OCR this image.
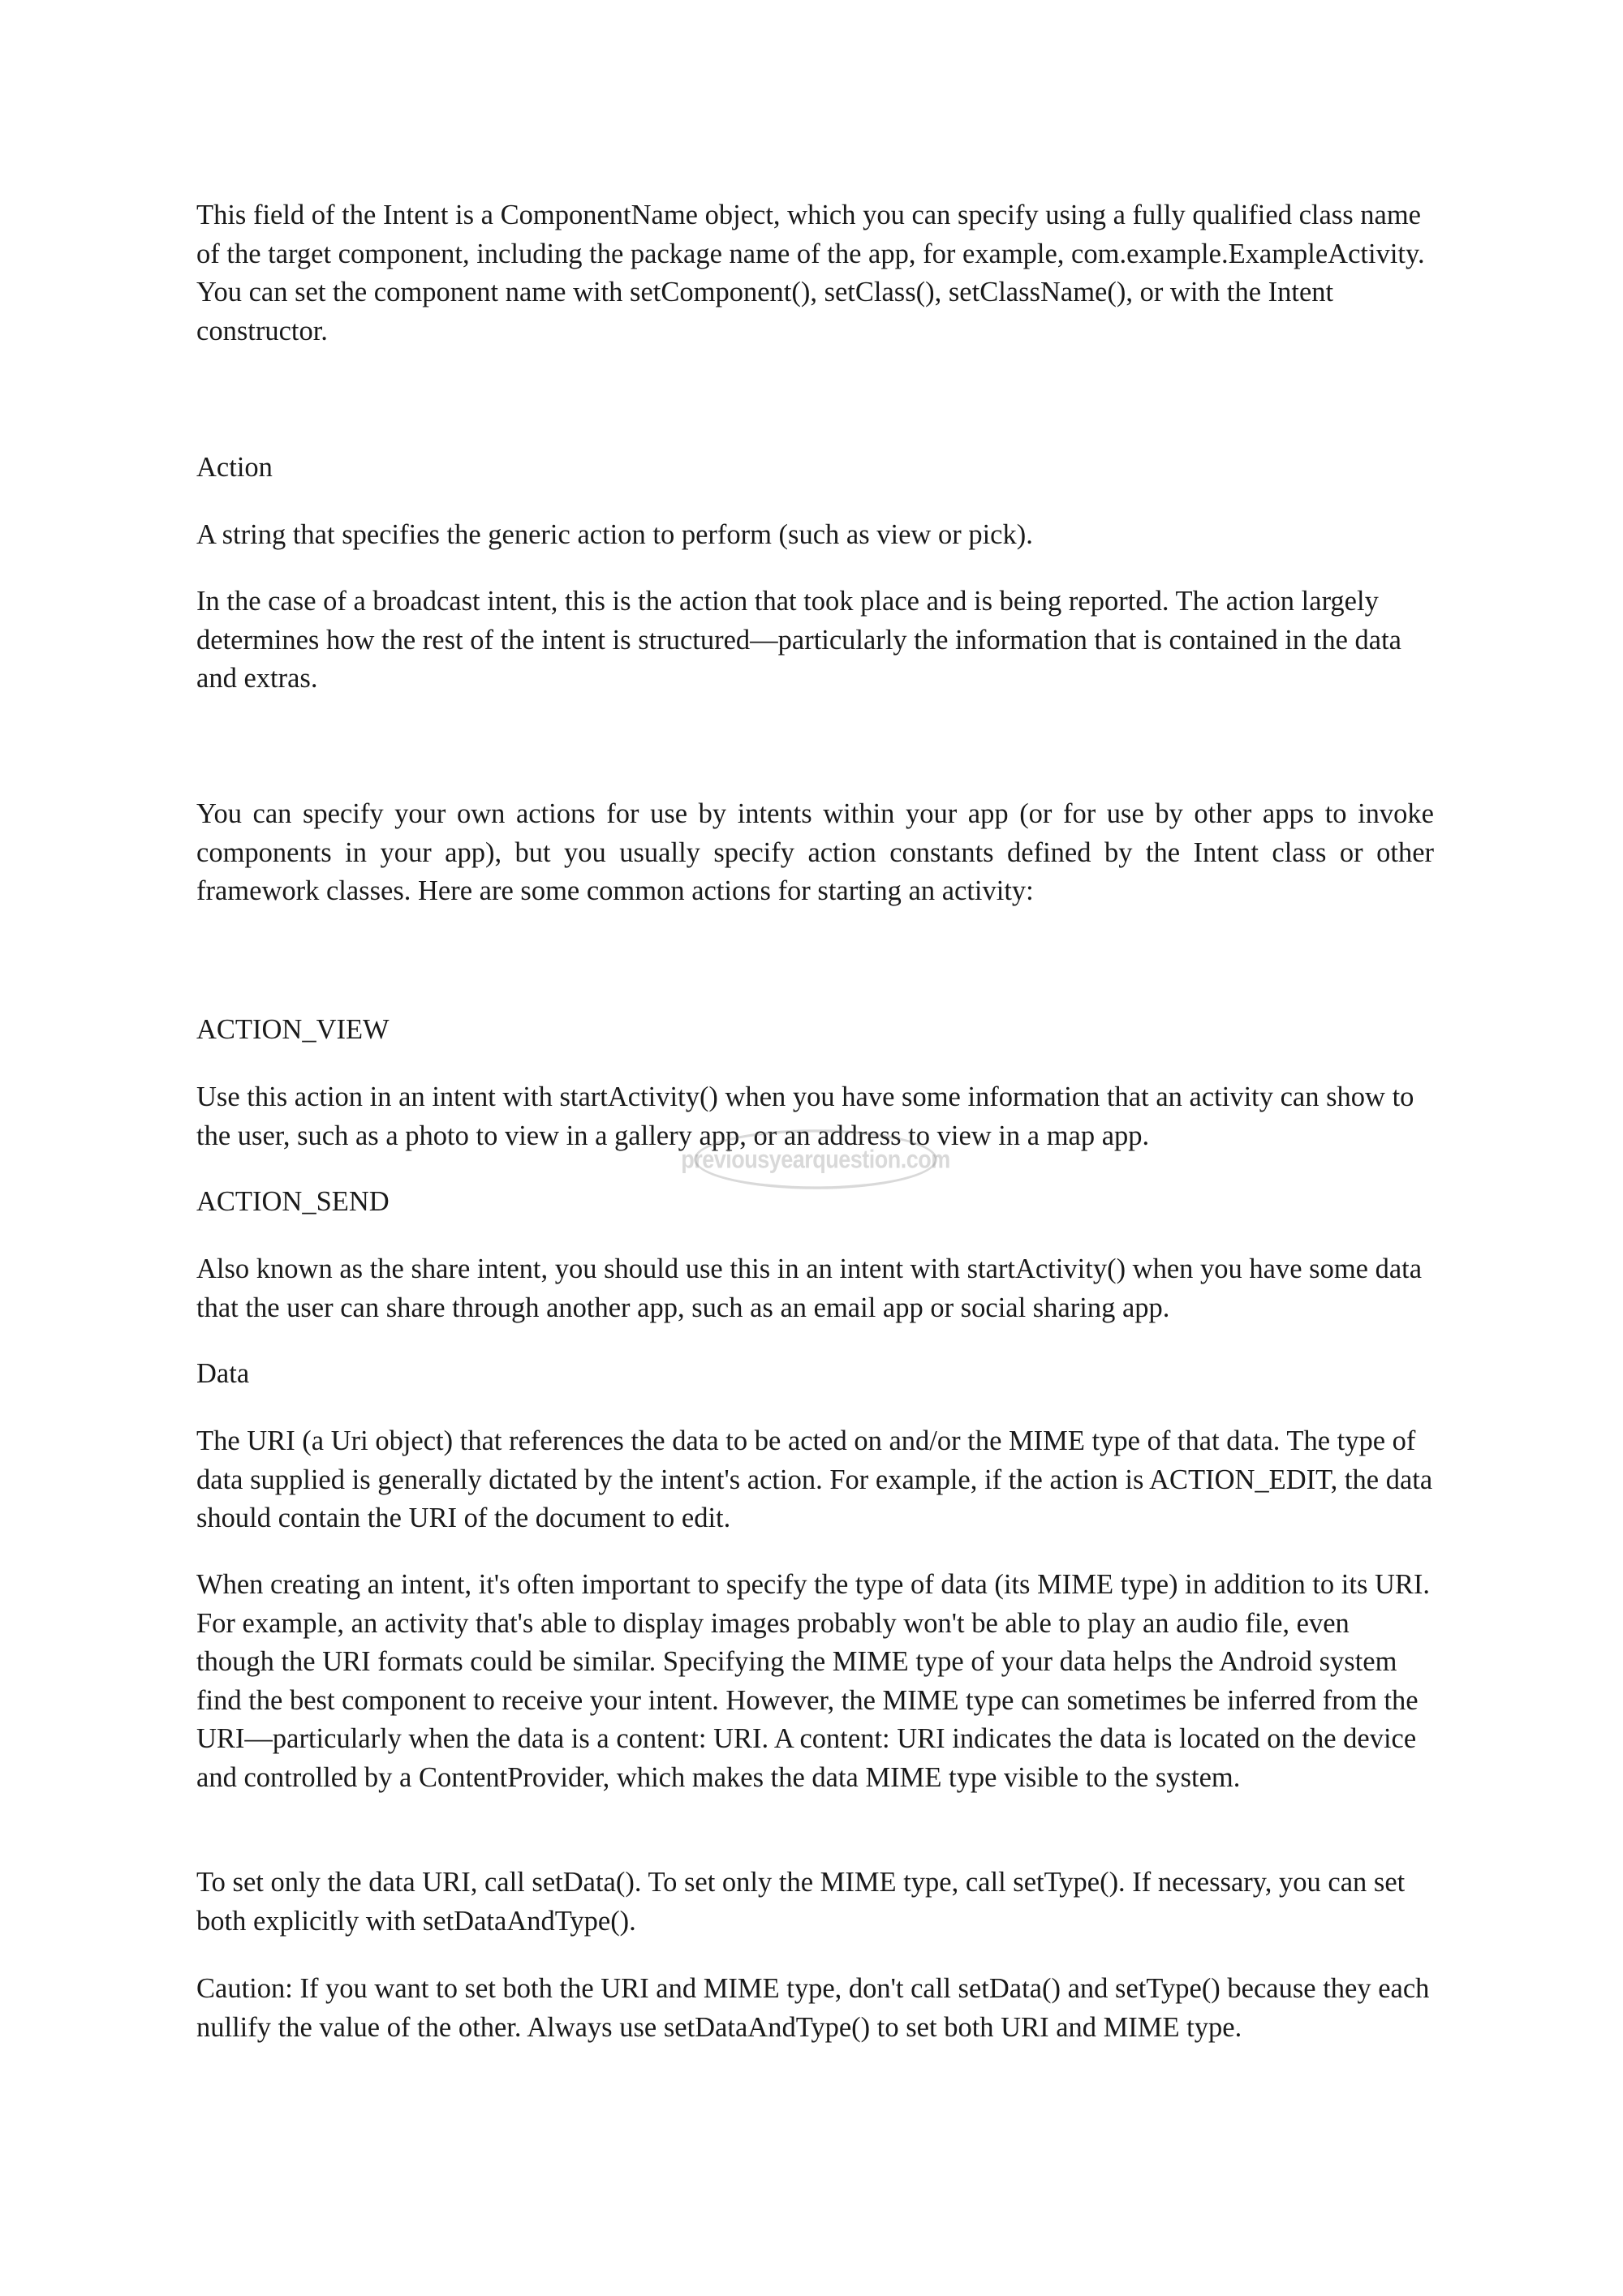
This field of the Intent is a ComponentName object, which you can specify using a fully qualified class name of the target component, including the package name of the app, for example, com.example.ExampleActivity. You can set the component name with setComponent(), setClass(), setClassName(), or with the Intent constructor.

Action

A string that specifies the generic action to perform (such as view or pick).

In the case of a broadcast intent, this is the action that took place and is being reported. The action largely determines how the rest of the intent is structured—particularly the information that is contained in the data and extras.

You can specify your own actions for use by intents within your app (or for use by other apps to invoke components in your app), but you usually specify action constants defined by the Intent class or other framework classes. Here are some common actions for starting an activity:

ACTION_VIEW

Use this action in an intent with startActivity() when you have some information that an activity can show to the user, such as a photo to view in a gallery app, or an address to view in a map app.

ACTION_SEND

Also known as the share intent, you should use this in an intent with startActivity() when you have some data that the user can share through another app, such as an email app or social sharing app.

Data

The URI (a Uri object) that references the data to be acted on and/or the MIME type of that data. The type of data supplied is generally dictated by the intent's action. For example, if the action is ACTION_EDIT, the data should contain the URI of the document to edit.

When creating an intent, it's often important to specify the type of data (its MIME type) in addition to its URI. For example, an activity that's able to display images probably won't be able to play an audio file, even though the URI formats could be similar. Specifying the MIME type of your data helps the Android system find the best component to receive your intent. However, the MIME type can sometimes be inferred from the URI—particularly when the data is a content: URI. A content: URI indicates the data is located on the device and controlled by a ContentProvider, which makes the data MIME type visible to the system.

To set only the data URI, call setData(). To set only the MIME type, call setType(). If necessary, you can set both explicitly with setDataAndType().

Caution: If you want to set both the URI and MIME type, don't call setData() and setType() because they each nullify the value of the other. Always use setDataAndType() to set both URI and MIME type.

previousyearquestion.com
